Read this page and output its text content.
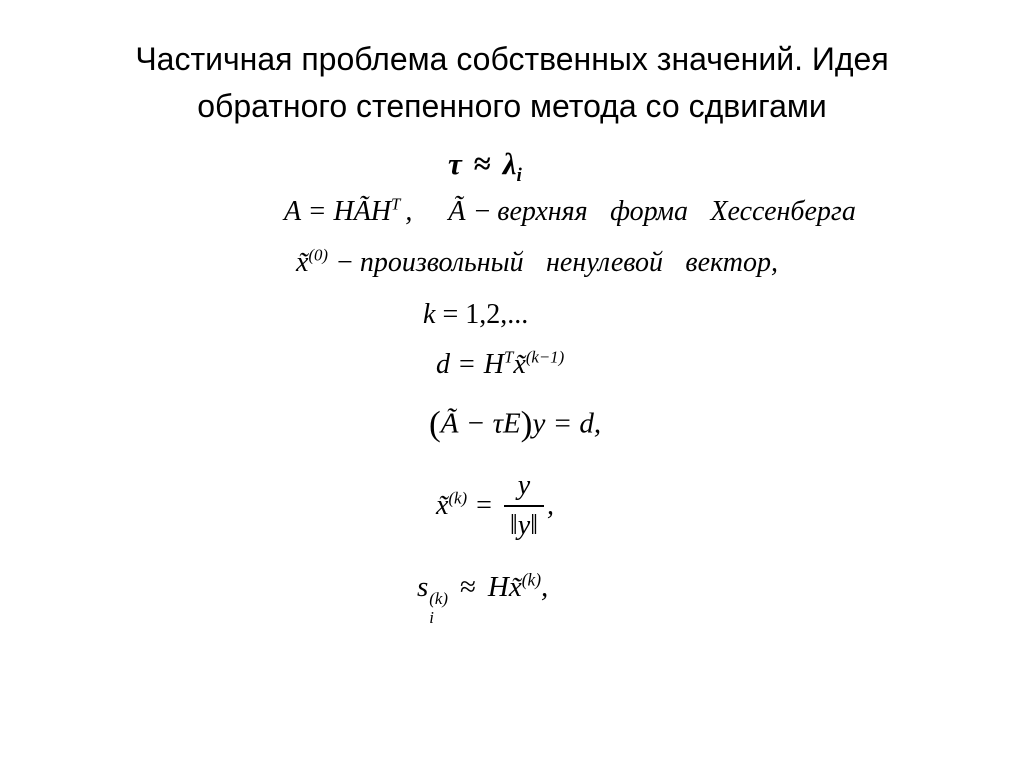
Частичная проблема собственных значений. Идея
обратного степенного метода со сдвигами
$\tau \approx \lambda_i$
$A = HÃH^T$ , Ã − верхняя форма Хессенберга
x̃$^{(0)}$ − произвольный ненулевой вектор,
k = 1,2,...
$d = H^Tx̃^{(k-1)}$
(Ã − τE)y = d,
x̃$^{(k)}$ = $\frac{y}{‖y‖}$ ,
s (k)
i
≈ Hx̃$^{(k)}$,
